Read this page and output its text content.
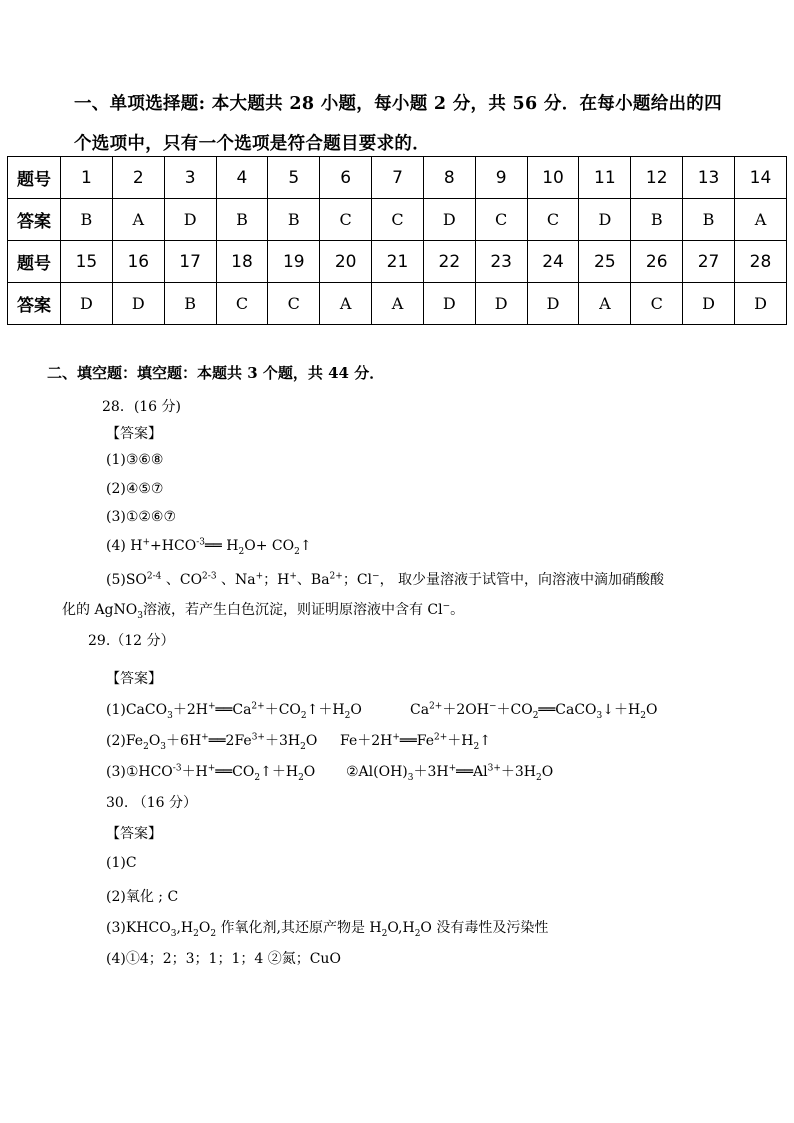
一、单项选择题: 本大题共 28 小题，每小题 2 分，共 56 分．在每小题给出的四
个选项中，只有一个选项是符合题目要求的．
题号	1	2	3	4	5	6	7	8	9	10	11	12	13	14
答案	B	A	D	B	B	C	C	D	C	C	D	B	B	A
题号	15	16	17	18	19	20	21	22	23	24	25	26	27	28
答案	D	D	B	C	C	A	A	D	D	D	A	C	D	D
二、填空题：填空题：本题共 3 个题，共 44 分．
28．(16 分)
【答案】
(1)③⑥⑧
(2)④⑤⑦
(3)①②⑥⑦
(4) $H^++HCO^{-3}══$ $H_2O+$ $CO_2↑$
(5)SO$^{2-4}$ 、CO$^{2-3}$ 、Na+；H+、$Ba^{2+}$；Cl−， 取少量溶液于试管中，向溶液中滴加硝酸酸
化的 AgNO$_3$溶液，若产生白色沉淀，则证明原溶液中含有 Cl−。
29.（12 分）
【答案】
$(1)CaCO_3+2H^+══Ca^{2+}+CO_2↑+H_2O$	$Ca^{2+}+2OH^-+CO_2══CaCO_3↓+H_2O$
$(2)Fe_2O_3+6H^+══2Fe^{3+}+3H_2O$ $Fe+2H^+══Fe^{2+}+H_2↑$
$(3)①HCO^{-3}+H^+══CO_2↑+H_2O$ $②Al(OH)_3+3H^+══Al^{3+}+3H_2O$
30. （16 分）
【答案】
(1)C
(2)氧化 ; C
$(3)KHCO_3,H_2O_2$ 作氧化剂,其还原产物是 $H_2O,H_2O$ 没有毒性及污染性
(4)①4；2；3；1；1；4 ②氮；CuO
